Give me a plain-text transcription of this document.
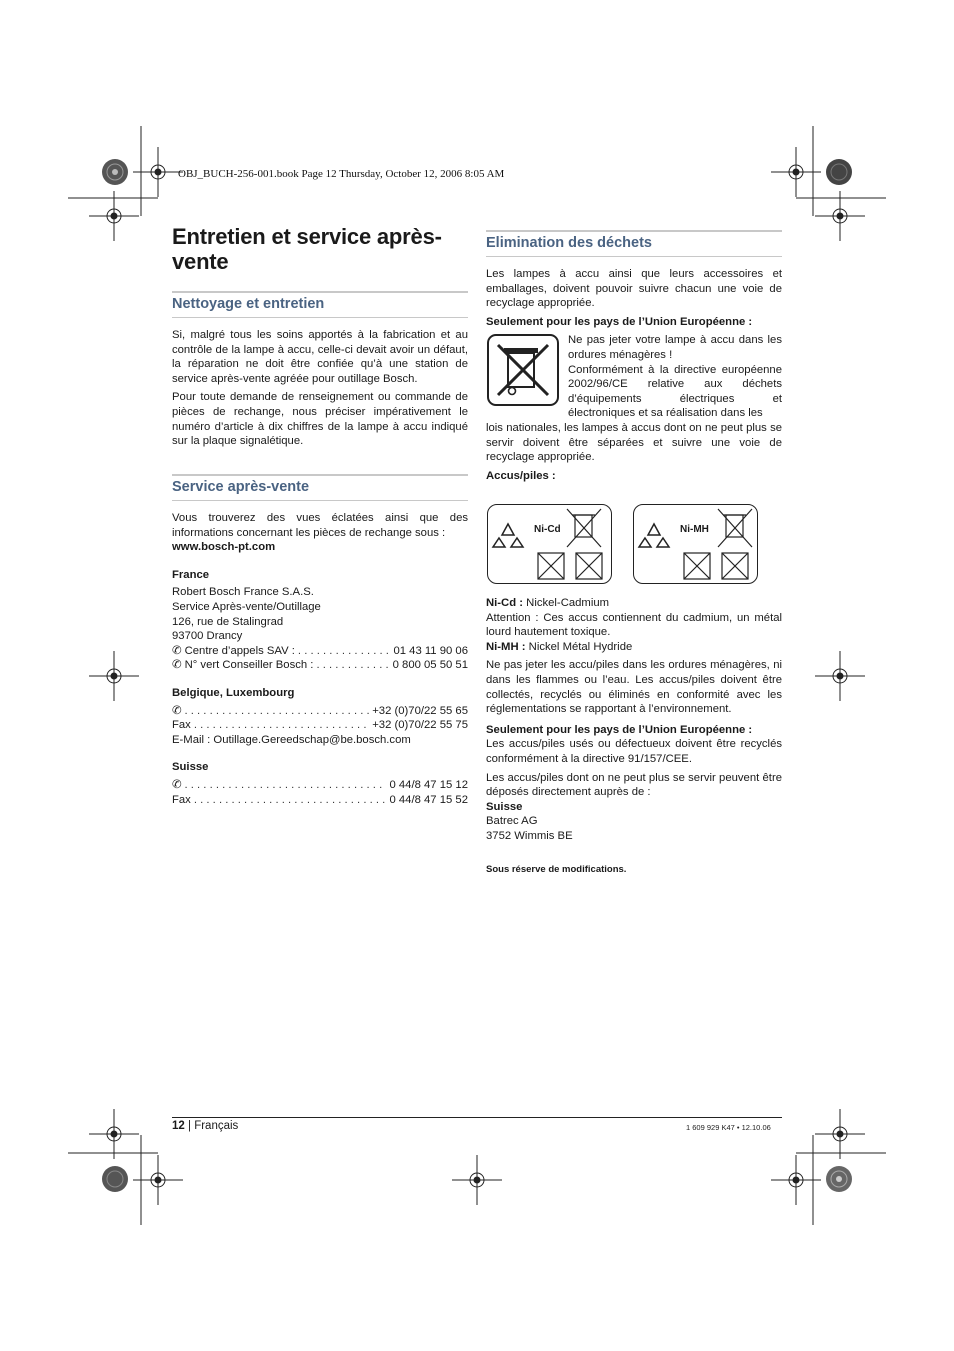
OBJ_BUCH-256-001.book Page 12 Thursday, October 12, 2006 8:05 AM
Entretien et service après-vente
Nettoyage et entretien

Si, malgré tous les soins apportés à la fabrication et au contrôle de la lampe à accu, celle-ci devait avoir un défaut, la réparation ne doit être confiée qu’à une station de service après-vente agréée pour outillage Bosch.

Pour toute demande de renseignement ou commande de pièces de rechange, nous préciser impérativement le numéro d’article à dix chiffres de la lampe à accu indiqué sur la plaque signalétique.

Service après-vente

Vous trouverez des vues éclatées ainsi que des informations concernant les pièces de rechange sous :

www.bosch-pt.com

France

Robert Bosch France S.A.S.

Service Après-vente/Outillage

126, rue de Stalingrad

93700 Drancy

✆ Centre d’appels SAV : . . .	01 43 11 90 06
✆ N° vert Conseiller Bosch : . . .	0 800 05 50 51

Belgique, Luxembourg

✆ . . .	+32 (0)70/22 55 65
Fax . . .	+32 (0)70/22 55 75

E-Mail : Outillage.Gereedschap@be.bosch.com

Suisse

✆ . . .	0 44/8 47 15 12
Fax . . .	0 44/8 47 15 52
Elimination des déchets

Les lampes à accu ainsi que leurs accessoires et emballages, doivent pouvoir suivre chacun une voie de recyclage appropriée.

Seulement pour les pays de l’Union Européenne :

Ne pas jeter votre lampe à accu dans les ordures ménagères !

Conformément à la directive européenne 2002/96/CE relative aux déchets d’équipements électriques et électroniques et sa réalisation dans les

lois nationales, les lampes à accus dont on ne peut plus se servir doivent être séparées et suivre une voie de recyclage appropriée.

Accus/piles :

Ni-Cd	Ni-MH

Ni-Cd : Nickel-Cadmium

Attention : Ces accus contiennent du cadmium, un métal lourd hautement toxique.

Ni-MH : Nickel Métal Hydride

Ne pas jeter les accu/piles dans les ordures ménagères, ni dans les flammes ou l’eau. Les accus/piles doivent être collectés, recyclés ou éliminés en conformité avec les réglementations se rapportant à l’environnement.

Seulement pour les pays de l’Union Européenne :

Les accus/piles usés ou défectueux doivent être recyclés conformément à la directive 91/157/CEE.

Les accus/piles dont on ne peut plus se servir peuvent être déposés directement auprès de :

Suisse

Batrec AG

3752 Wimmis BE

Sous réserve de modifications.

12 | Français	1 609 929 K47 • 12.10.06
